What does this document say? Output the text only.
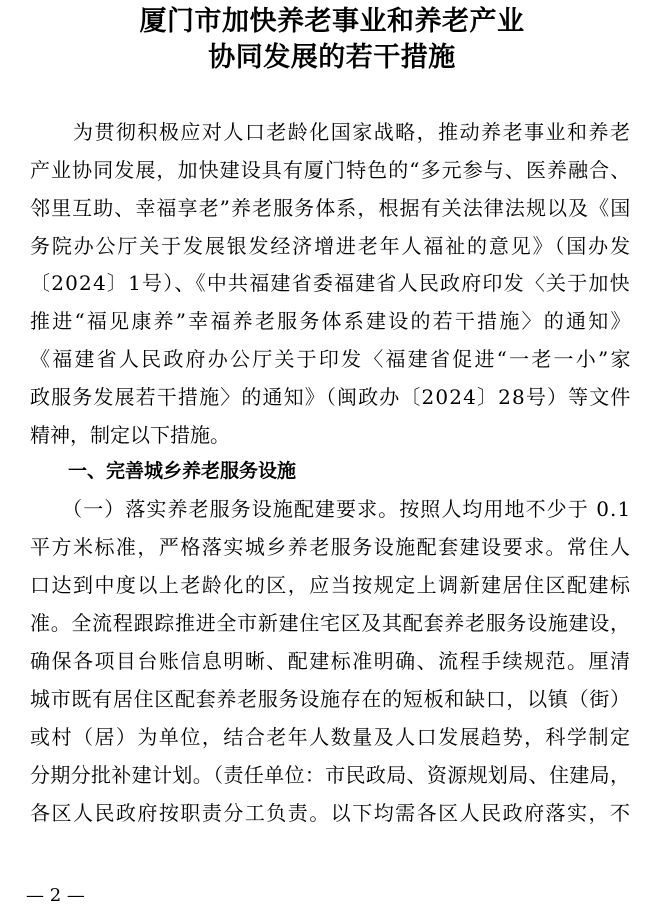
厦门市加快养老事业和养老产业
协同发展的若干措施
　　为贯彻积极应对人口老龄化国家战略，推动养老事业和养老
产业协同发展，加快建设具有厦门特色的“多元参与、医养融合、
邻里互助、幸福享老”养老服务体系，根据有关法律法规以及《国
务院办公厅关于发展银发经济增进老年人福祉的意见》（国办发
〔2024〕1号）、《中共福建省委福建省人民政府印发〈关于加快
推进“福见康养”幸福养老服务体系建设的若干措施〉的通知》
《福建省人民政府办公厅关于印发〈福建省促进“一老一小”家
政服务发展若干措施〉的通知》（闽政办〔2024〕28号）等文件
精神，制定以下措施。
　　一、完善城乡养老服务设施
　　（一）落实养老服务设施配建要求。按照人均用地不少于 0.1
平方米标准，严格落实城乡养老服务设施配套建设要求。常住人
口达到中度以上老龄化的区，应当按规定上调新建居住区配建标
准。全流程跟踪推进全市新建住宅区及其配套养老服务设施建设，
确保各项目台账信息明晰、配建标准明确、流程手续规范。厘清
城市既有居住区配套养老服务设施存在的短板和缺口，以镇（街）
或村（居）为单位，结合老年人数量及人口发展趋势，科学制定
分期分批补建计划。（责任单位：市民政局、资源规划局、住建局，
各区人民政府按职责分工负责。以下均需各区人民政府落实，不
— 2 —
